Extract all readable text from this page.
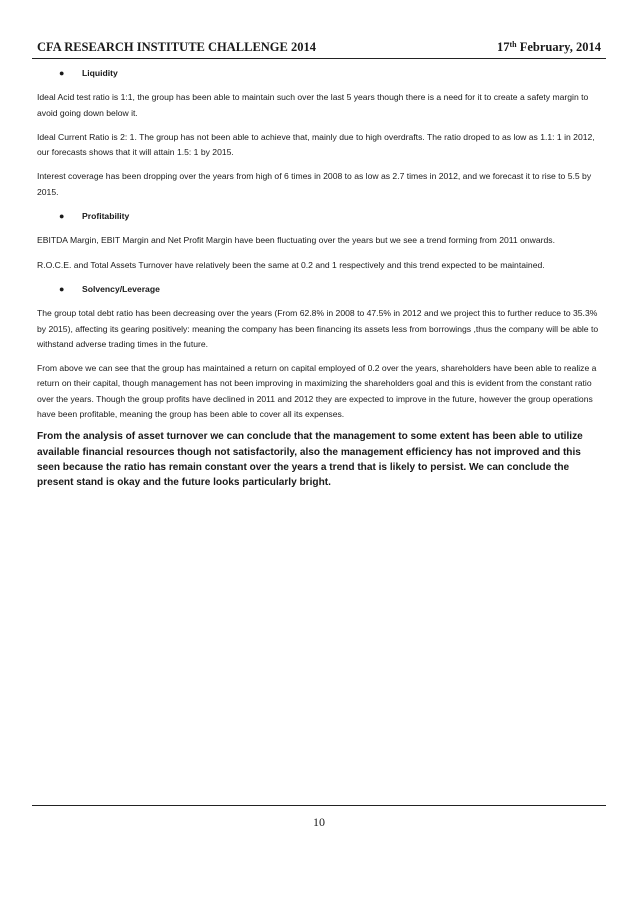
CFA RESEARCH INSTITUTE CHALLENGE 2014	17th February, 2014
● Liquidity

Ideal Acid test ratio is 1:1, the group has been able to maintain such over the last 5 years though there is a need for it to create a safety margin to avoid going down below it.

Ideal Current Ratio is 2: 1. The group has not been able to achieve that, mainly due to high overdrafts. The ratio droped to as low as 1.1: 1 in 2012, our forecasts shows that it will attain 1.5: 1 by 2015.

Interest coverage has been dropping over the years from high of 6 times in 2008 to as low as 2.7 times in 2012, and we forecast it to rise to 5.5 by 2015.

● Profitability

EBITDA Margin, EBIT Margin and Net Profit Margin have been fluctuating over the years but we see a trend forming from 2011 onwards.

R.O.C.E. and Total Assets Turnover have relatively been the same at 0.2 and 1 respectively and this trend expected to be maintained.

● Solvency/Leverage

The group total debt ratio has been decreasing over the years (From 62.8% in 2008 to 47.5% in 2012 and we project this to further reduce to 35.3% by 2015), affecting its gearing positively: meaning the company has been financing its assets less from borrowings ,thus the company will be able to withstand adverse trading times in the future.

From above we can see that the group has maintained a return on capital employed of 0.2 over the years, shareholders have been able to realize a return on their capital, though management has not been improving in maximizing the shareholders goal and this is evident from the constant ratio over the years. Though the group profits have declined in 2011 and 2012 they are expected to improve in the future, however the group operations have been profitable, meaning the group has been able to cover all its expenses.

From the analysis of asset turnover we can conclude that the management to some extent has been able to utilize available financial resources though not satisfactorily, also the management efficiency has not improved and this seen because the ratio has remain constant over the years a trend that is likely to persist. We can conclude the present stand is okay and the future looks particularly bright.

10
